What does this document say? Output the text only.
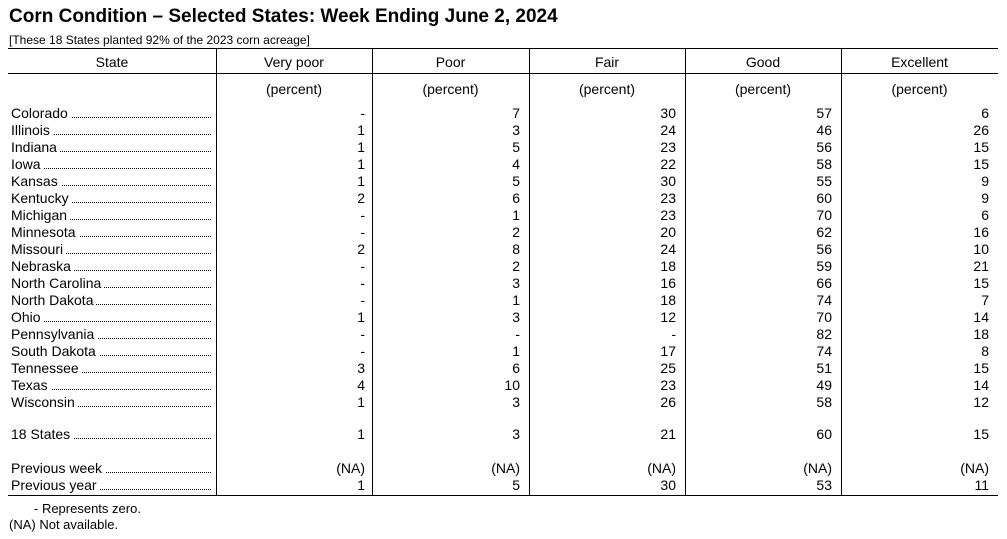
Corn Condition – Selected States: Week Ending June 2, 2024
[These 18 States planted 92% of the 2023 corn acreage]
State	Very poor	Poor	Fair	Good	Excellent
(percent)	(percent)	(percent)	(percent)	(percent)
Colorado	-	7	30	57	6
Illinois	1	3	24	46	26
Indiana	1	5	23	56	15
Iowa	1	4	22	58	15
Kansas	1	5	30	55	9
Kentucky	2	6	23	60	9
Michigan	-	1	23	70	6
Minnesota	-	2	20	62	16
Missouri	2	8	24	56	10
Nebraska	-	2	18	59	21
North Carolina	-	3	16	66	15
North Dakota	-	1	18	74	7
Ohio	1	3	12	70	14
Pennsylvania	-	-	-	82	18
South Dakota	-	1	17	74	8
Tennessee	3	6	25	51	15
Texas	4	10	23	49	14
Wisconsin	1	3	26	58	12
18 States	1	3	21	60	15
Previous week	(NA)	(NA)	(NA)	(NA)	(NA)
Previous year	1	5	30	53	11
- Represents zero.
(NA) Not available.
